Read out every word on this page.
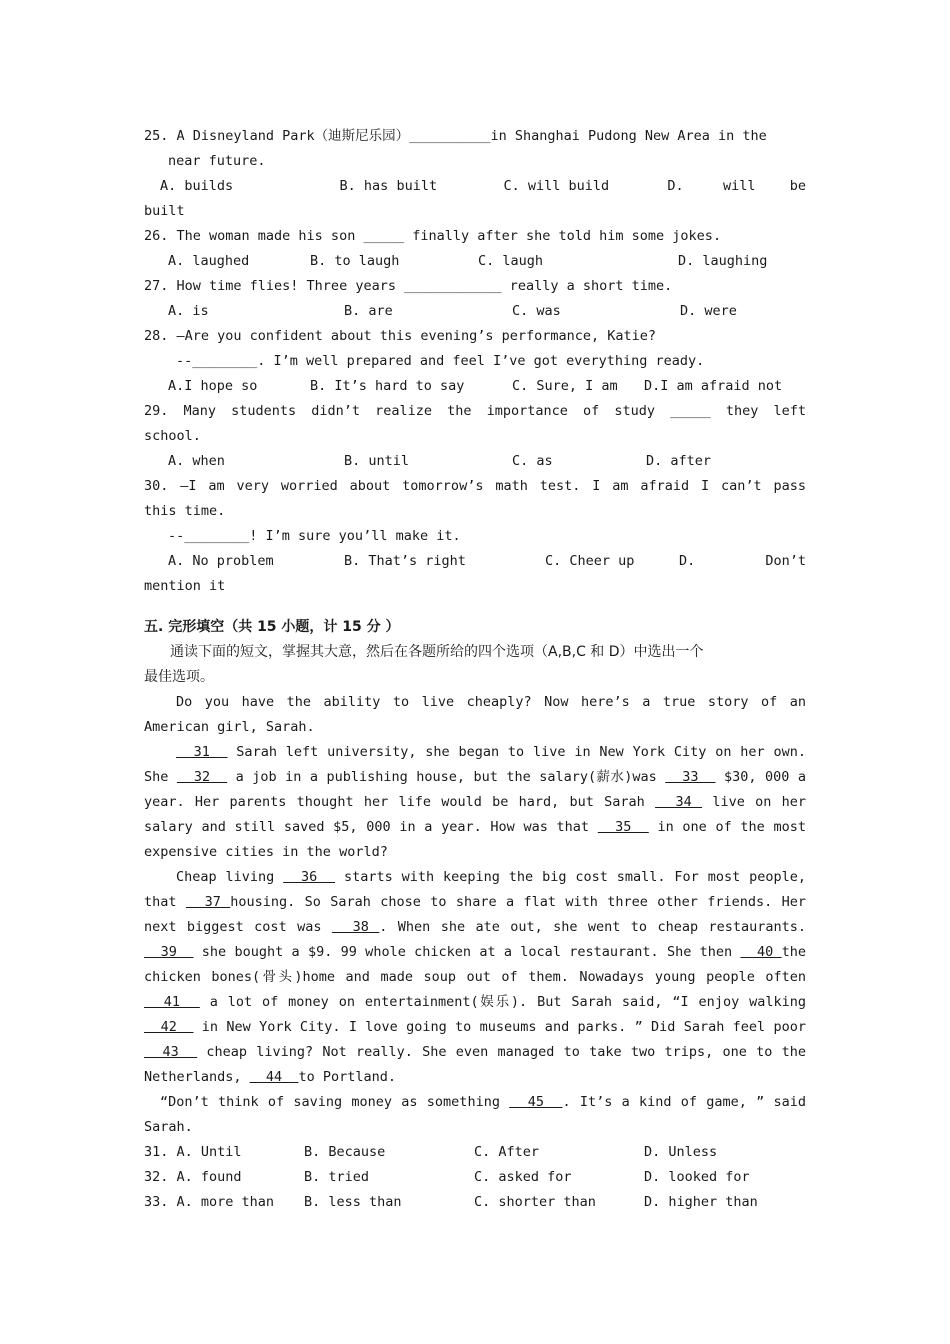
25. A Disneyland Park（迪斯尼乐园）__________in Shanghai Pudong New Area in the
near future.
A. builds	B. has built	C. will build	D.	will	be
built
26. The woman made his son _____ finally after she told him some jokes.
A. laughed	B. to laugh	C. laugh	D. laughing
27. How time flies! Three years ____________ really a short time.
A. is	B. are	C. was	D. were
28. —Are you confident about this evening’s performance, Katie?
--________. I’m well prepared and feel I’ve got everything ready.
A.I hope so	B. It’s hard to say	C. Sure, I am	D.I am afraid not
29. Many students didn’t realize the importance of study _____ they left
school.
A. when	B. until	C. as	D. after
30. —I am very worried about tomorrow’s math test. I am afraid I can’t pass
this time.
--________! I’m sure you’ll make it.
A. No problem	B. That’s right	C. Cheer up	D.	Don’t
mention it
五. 完形填空（共 15 小题，计 15 分 ）
通读下面的短文，掌握其大意，然后在各题所给的四个选项（A,B,C 和 D）中选出一个
最佳选项。

Do you have the ability to live cheaply? Now here’s a true story of an American girl, Sarah.

31   Sarah left university, she began to live in New York City on her own. She   32   a job in a publishing house, but the salary(薪水)was   33   $30, 000 a year. Her parents thought her life would be hard, but Sarah   34  live on her salary and still saved $5, 000 in a year. How was that   35   in one of the most expensive cities in the world?

Cheap living   36   starts with keeping the big cost small. For most people, that   37 housing. So Sarah chose to share a flat with three other friends. Her next biggest cost was   38 . When she ate out, she went to cheap restaurants.   39   she bought a $9. 99 whole chicken at a local restaurant. She then   40 the chicken bones(骨头)home and made soup out of them. Nowadays young people often   41   a lot of money on entertainment(娱乐). But Sarah said, “I enjoy walking   42   in New York City. I love going to museums and parks. ” Did Sarah feel poor   43   cheap living? Not really. She even managed to take two trips, one to the Netherlands,   44  to Portland.

“Don’t think of saving money as something   45  . It’s a kind of game, ” said Sarah.

31. A. Until	B. Because	C. After	D. Unless
32. A. found	B. tried	C. asked for	D. looked for
33. A. more than	B. less than	C. shorter than	D. higher than
